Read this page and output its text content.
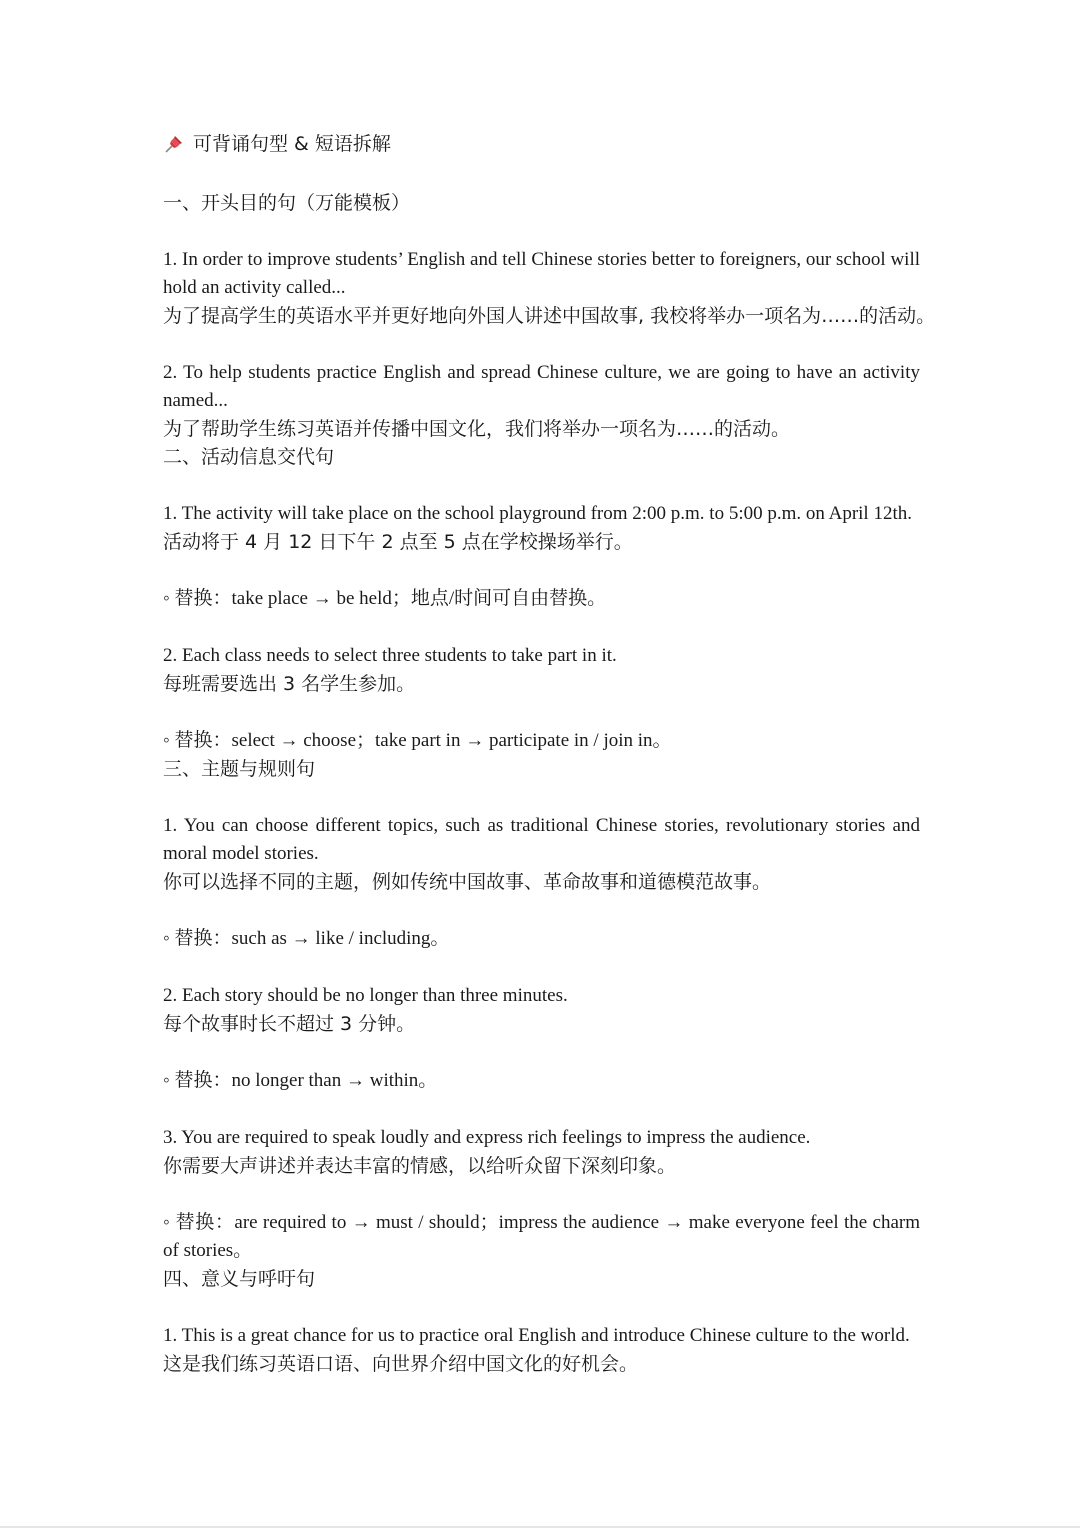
可背诵句型 & 短语拆解

一、开头目的句（万能模板）

1. In order to improve students’ English and tell Chinese stories better to foreigners, our school will hold an activity called...

为了提高学生的英语水平并更好地向外国人讲述中国故事, 我校将举办一项名为……的活动。

2. To help students practice English and spread Chinese culture, we are going to have an activity named...

为了帮助学生练习英语并传播中国文化，我们将举办一项名为……的活动。

二、活动信息交代句

1. The activity will take place on the school playground from 2:00 p.m. to 5:00 p.m. on April 12th.

活动将于 4 月 12 日下午 2 点至 5 点在学校操场举行。

◦ 替换：take place → be held；地点/时间可自由替换。

2. Each class needs to select three students to take part in it.

每班需要选出 3 名学生参加。

◦ 替换：select → choose；take part in → participate in / join in。

三、主题与规则句

1. You can choose different topics, such as traditional Chinese stories, revolutionary stories and moral model stories.

你可以选择不同的主题，例如传统中国故事、革命故事和道德模范故事。

◦ 替换：such as → like / including。

2. Each story should be no longer than three minutes.

每个故事时长不超过 3 分钟。

◦ 替换：no longer than → within。

3. You are required to speak loudly and express rich feelings to impress the audience.

你需要大声讲述并表达丰富的情感，以给听众留下深刻印象。

◦ 替换：are required to → must / should；impress the audience → make everyone feel the charm of stories。

四、意义与呼吁句

1. This is a great chance for us to practice oral English and introduce Chinese culture to the world.

这是我们练习英语口语、向世界介绍中国文化的好机会。
